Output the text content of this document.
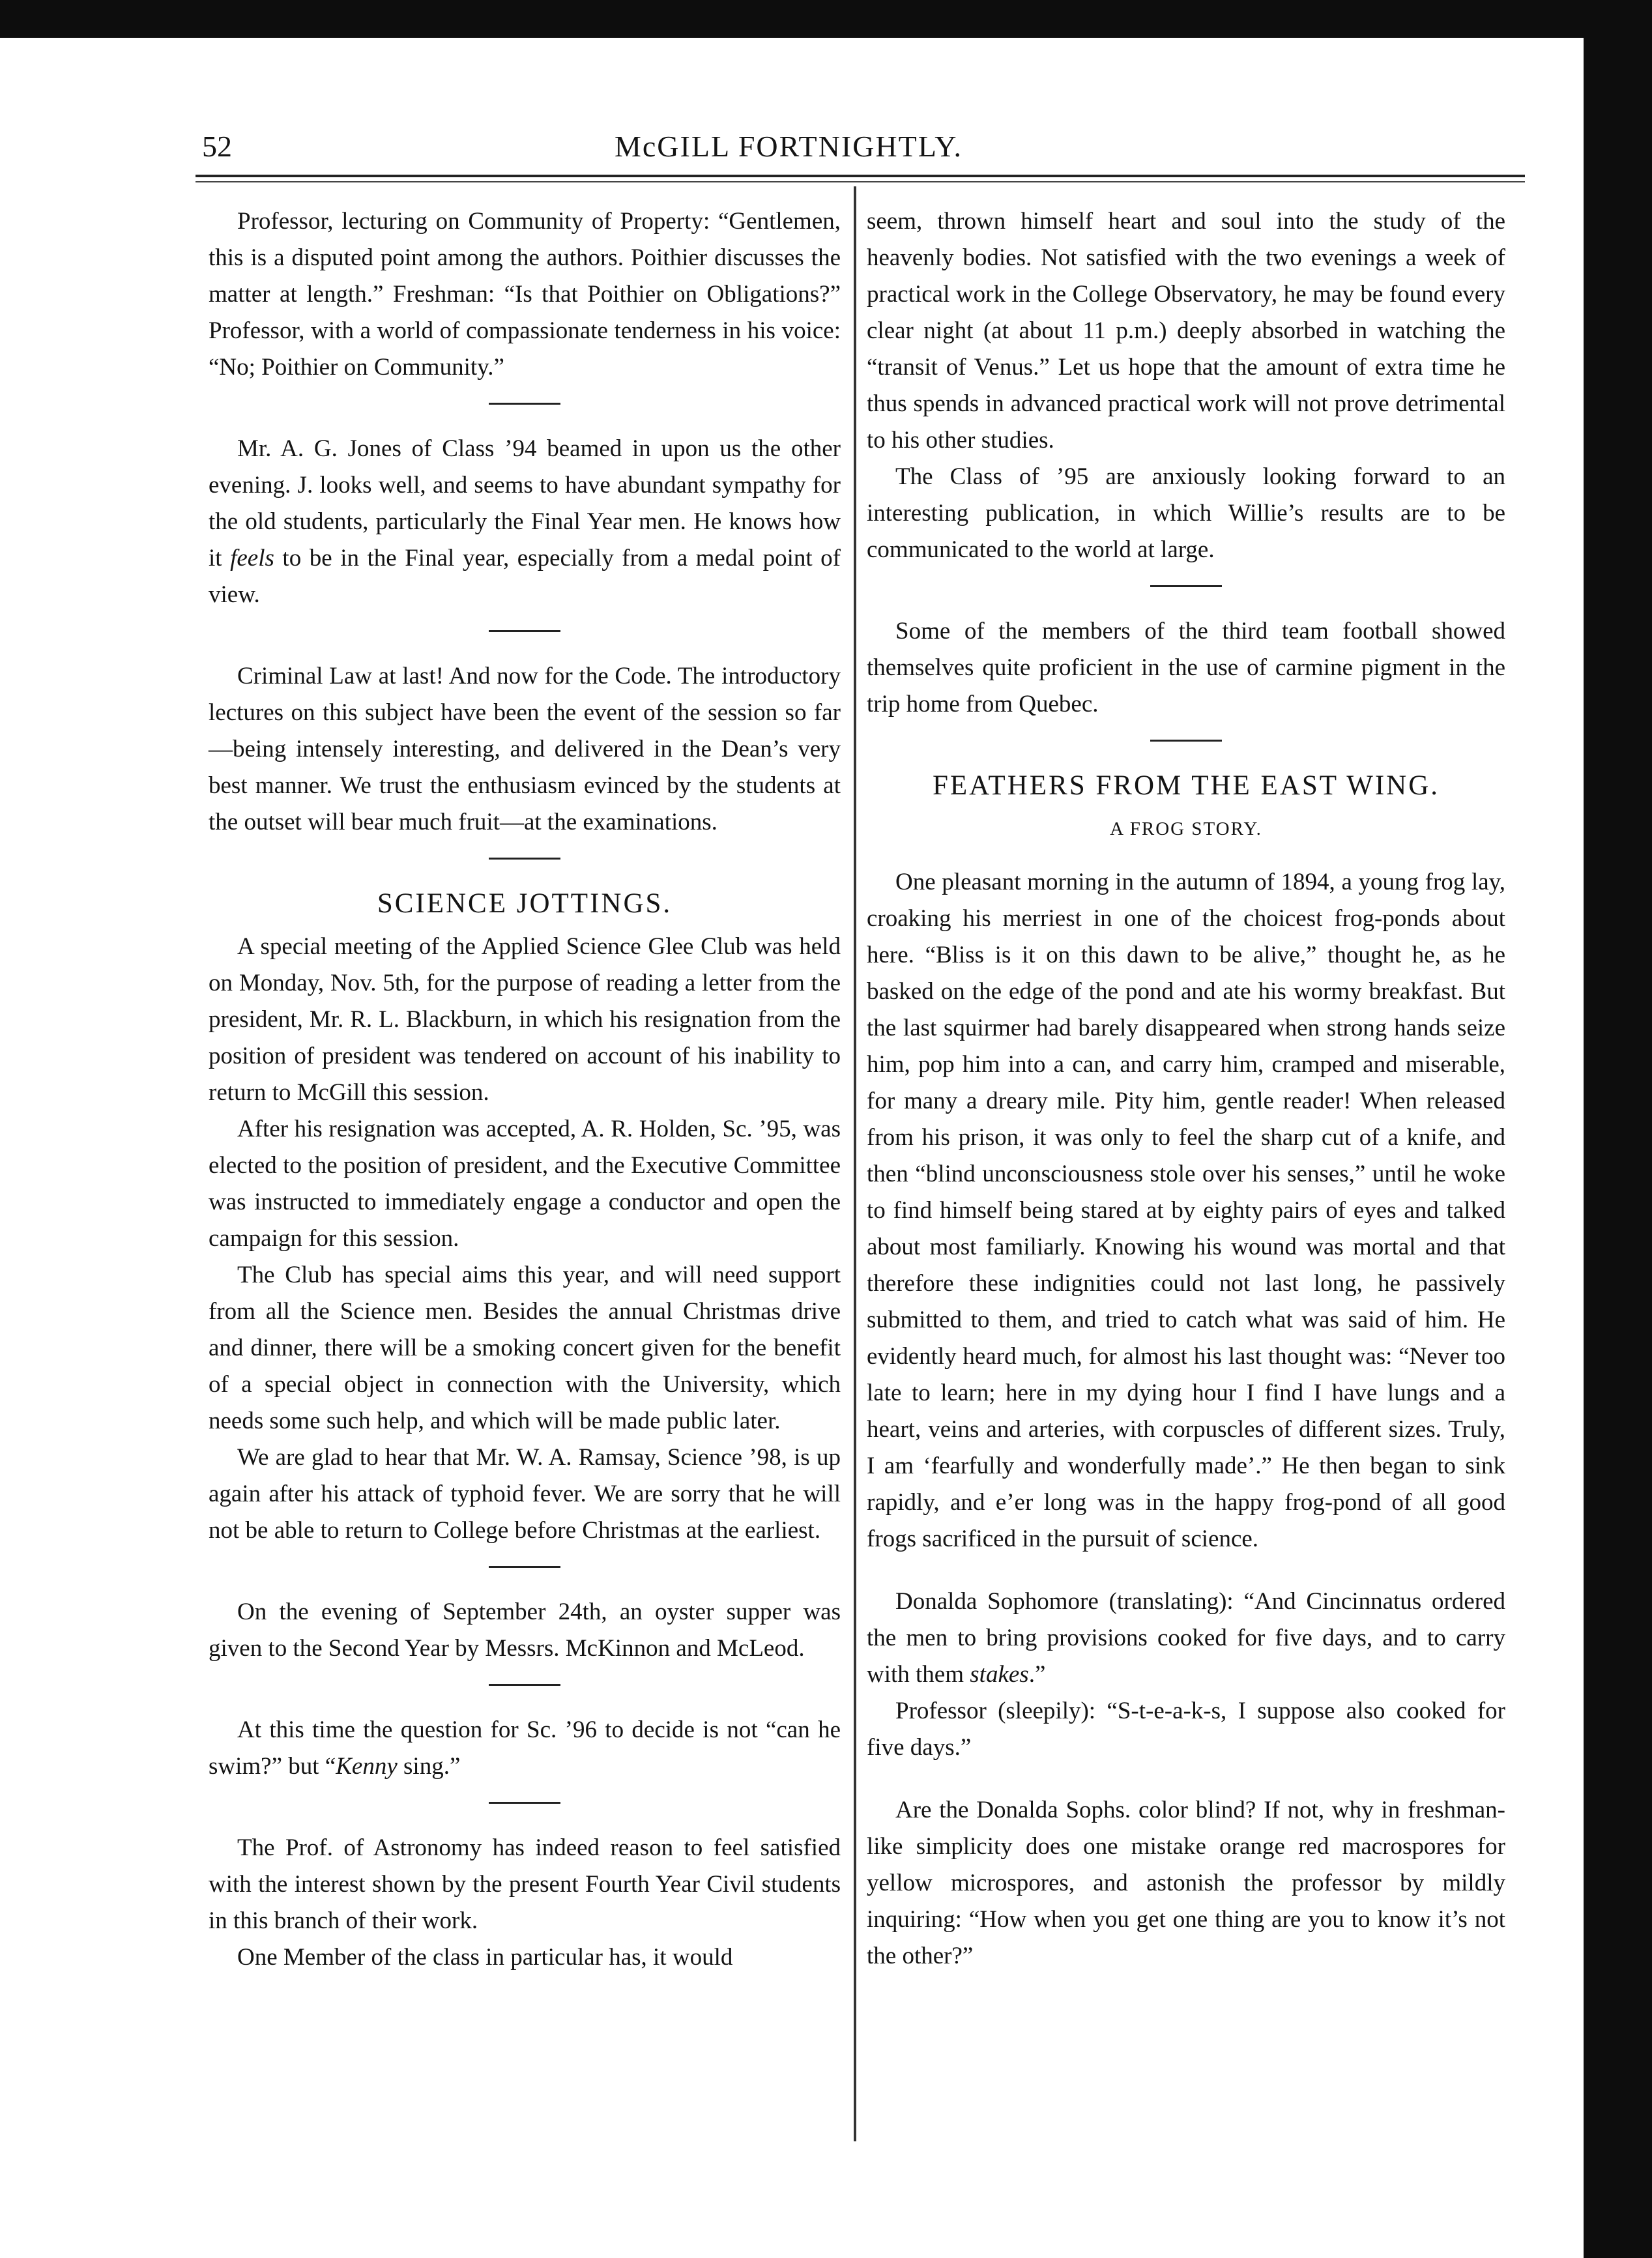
52	McGILL FORTNIGHTLY.

Professor, lecturing on Community of Property: “Gentlemen, this is a disputed point among the authors. Poithier discusses the matter at length.” Freshman: “Is that Poithier on Obligations?” Professor, with a world of compassionate tenderness in his voice: “No; Poithier on Community.”

Mr. A. G. Jones of Class ’94 beamed in upon us the other evening. J. looks well, and seems to have abundant sympathy for the old students, particularly the Final Year men. He knows how it feels to be in the Final year, especially from a medal point of view.

Criminal Law at last! And now for the Code. The introductory lectures on this subject have been the event of the session so far—being intensely interesting, and delivered in the Dean’s very best manner. We trust the enthusiasm evinced by the students at the outset will bear much fruit—at the examinations.

SCIENCE JOTTINGS.

A special meeting of the Applied Science Glee Club was held on Monday, Nov. 5th, for the purpose of reading a letter from the president, Mr. R. L. Blackburn, in which his resignation from the position of president was tendered on account of his inability to return to McGill this session.

After his resignation was accepted, A. R. Holden, Sc. ’95, was elected to the position of president, and the Executive Committee was instructed to immediately engage a conductor and open the campaign for this session.

The Club has special aims this year, and will need support from all the Science men. Besides the annual Christmas drive and dinner, there will be a smoking concert given for the benefit of a special object in connection with the University, which needs some such help, and which will be made public later.

We are glad to hear that Mr. W. A. Ramsay, Science ’98, is up again after his attack of typhoid fever. We are sorry that he will not be able to return to College before Christmas at the earliest.

On the evening of September 24th, an oyster supper was given to the Second Year by Messrs. McKinnon and McLeod.

At this time the question for Sc. ’96 to decide is not “can he swim?” but “Kenny sing.”

The Prof. of Astronomy has indeed reason to feel satisfied with the interest shown by the present Fourth Year Civil students in this branch of their work.

One Member of the class in particular has, it would

seem, thrown himself heart and soul into the study of the heavenly bodies. Not satisfied with the two evenings a week of practical work in the College Observatory, he may be found every clear night (at about 11 p.m.) deeply absorbed in watching the “transit of Venus.” Let us hope that the amount of extra time he thus spends in advanced practical work will not prove detrimental to his other studies.

The Class of ’95 are anxiously looking forward to an interesting publication, in which Willie’s results are to be communicated to the world at large.

Some of the members of the third team football showed themselves quite proficient in the use of carmine pigment in the trip home from Quebec.

FEATHERS FROM THE EAST WING.
A FROG STORY.

One pleasant morning in the autumn of 1894, a young frog lay, croaking his merriest in one of the choicest frog-ponds about here. “Bliss is it on this dawn to be alive,” thought he, as he basked on the edge of the pond and ate his wormy breakfast. But the last squirmer had barely disappeared when strong hands seize him, pop him into a can, and carry him, cramped and miserable, for many a dreary mile. Pity him, gentle reader! When released from his prison, it was only to feel the sharp cut of a knife, and then “blind unconsciousness stole over his senses,” until he woke to find himself being stared at by eighty pairs of eyes and talked about most familiarly. Knowing his wound was mortal and that therefore these indignities could not last long, he passively submitted to them, and tried to catch what was said of him. He evidently heard much, for almost his last thought was: “Never too late to learn; here in my dying hour I find I have lungs and a heart, veins and arteries, with corpuscles of different sizes. Truly, I am ‘fearfully and wonderfully made’.” He then began to sink rapidly, and e’er long was in the happy frog-pond of all good frogs sacrificed in the pursuit of science.

Donalda Sophomore (translating): “And Cincinnatus ordered the men to bring provisions cooked for five days, and to carry with them stakes.”

Professor (sleepily): “S-t-e-a-k-s, I suppose also cooked for five days.”

Are the Donalda Sophs. color blind? If not, why in freshman-like simplicity does one mistake orange red macrospores for yellow microspores, and astonish the professor by mildly inquiring: “How when you get one thing are you to know it’s not the other?”
